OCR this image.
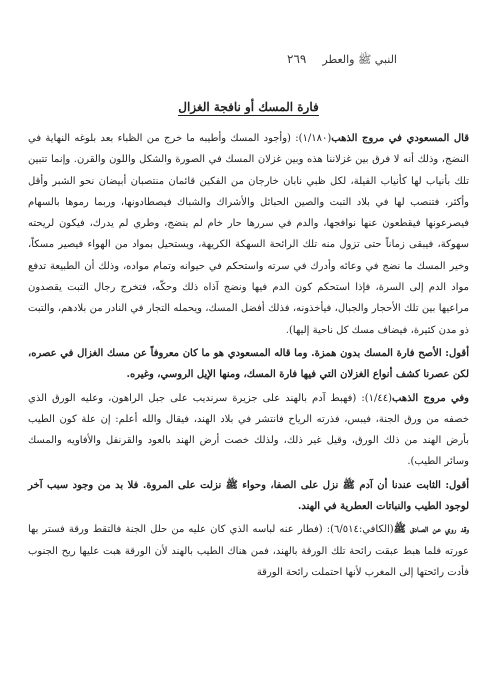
النبي ﷺ والعطر
٢٦٩
فارة المسك أو نافجة الغزال

قال المسعودي في مروج الذهب(١/١٨٠): (وأجود المسك وأطيبه ما خرج من الظباء بعد بلوغه النهاية في النضج، وذلك أنه لا فرق بين غزلاننا هذه وبين غزلان المسك في الصورة والشكل واللون والقرن. وإنما تتبين تلك بأنياب لها كأنياب الفيلة، لكل ظبي نابان خارجان من الفكين قائمان منتصبان أبيضان نحو الشبر وأقل وأكثر، فتنصب لها في بلاد التبت والصين الحبائل والأشراك والشباك فيصطادونها، وربما رموها بالسهام فيصرعونها فيقطعون عنها نوافجها، والدم في سررها حار خام لم ينضج، وطري لم يدرك، فيكون لريحته سهوكة، فيبقى زماناً حتى تزول منه تلك الرائحة السهكة الكريهة، ويستحيل بمواد من الهواء فيصير مسكاً، وخير المسك ما نضج في وعائه وأدرك في سرته واستحكم في حيوانه وتمام مواده، وذلك أن الطبيعة تدفع مواد الدم إلى السرة، فإذا استحكم كون الدم فيها ونضج آذاه ذلك وحكّه، فتخرج رجال التبت يقصدون مراعيها بين تلك الأحجار والجبال، فيأخذونه، فذلك أفضل المسك، ويحمله التجار في النادر من بلادهم، والتبت ذو مدن كثيرة، فيضاف مسك كل ناحية إليها).

أقول: الأصح فارة المسك بدون همزة. وما قاله المسعودي هو ما كان معروفاً عن مسك الغزال في عصره، لكن عصرنا كشف أنواع الغزلان التي فيها فارة المسك، ومنها الإيل الروسي، وغيره.

وفي مروج الذهب(١/٤٤): (فهبط آدم بالهند على جزيرة سرنديب على جبل الراهون، وعليه الورق الذي خصفه من ورق الجنة، فيبس، فذرته الرياح فانتشر في بلاد الهند، فيقال والله أعلم: إن علة كون الطيب بأرض الهند من ذلك الورق، وقيل غير ذلك، ولذلك خصت أرض الهند بالعود والقرنفل والأفاويه والمسك وسائر الطيب).

أقول: الثابت عندنا أن آدم ﷺ نزل على الصفا، وحواء ﷺ نزلت على المروة. فلا بد من وجود سبب آخر لوجود الطيب والنباتات العطرية في الهند.

وقد روي عن الصادق ﷺ(الكافي:٦/٥١٤): (فطار عنه لباسه الذي كان عليه من حلل الجنة فالتقط ورقة فستر بها عورته فلما هبط عبقت رائحة تلك الورقة بالهند، فمن هناك الطيب بالهند لأن الورقة هبت عليها ريح الجنوب فأدت رائحتها إلى المغرب لأنها احتملت رائحة الورقة
